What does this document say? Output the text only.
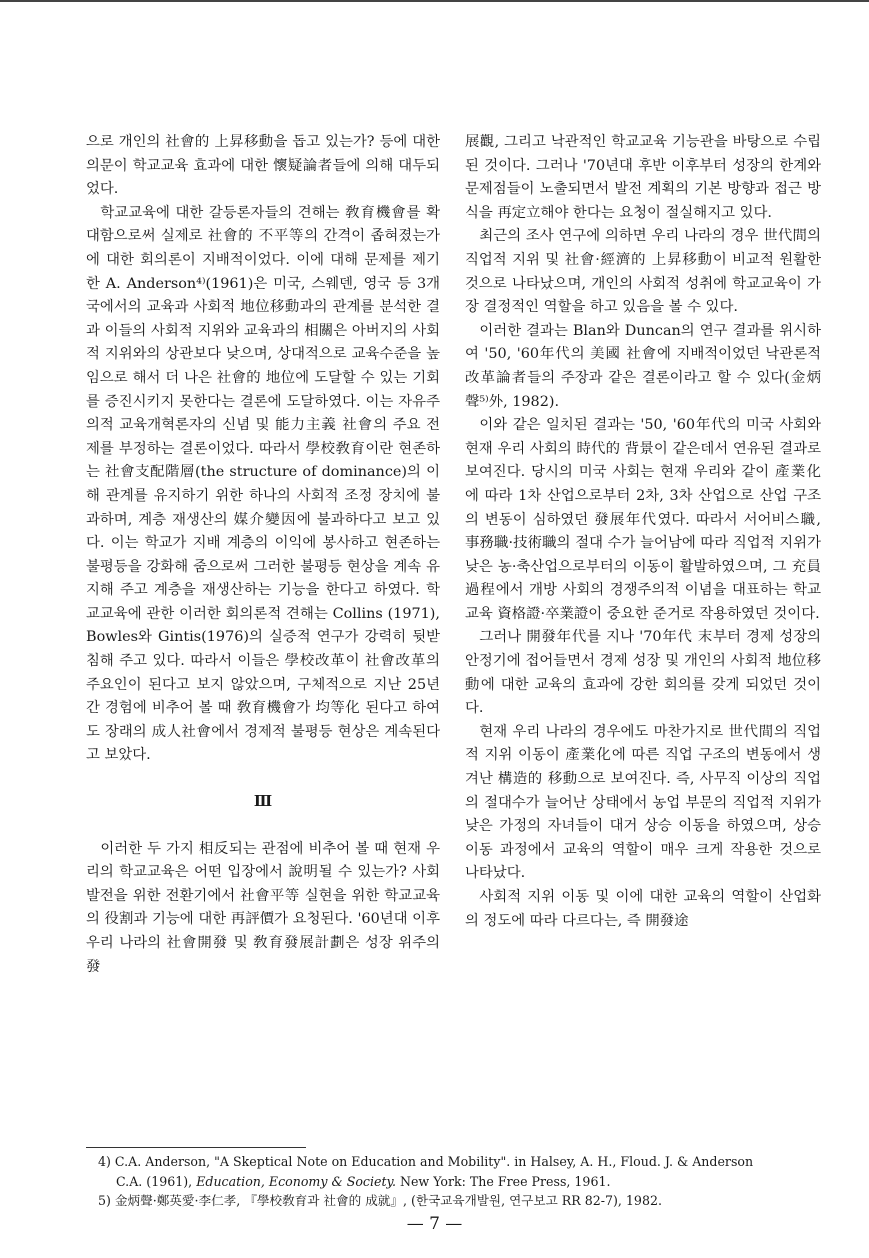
으로 개인의 社會的 上昇移動을 돕고 있는가? 등에 대한 의문이 학교교육 효과에 대한 懷疑論者들에 의해 대두되었다.

학교교육에 대한 갈등론자들의 견해는 敎育機會를 확대함으로써 실제로 社會的 不平等의 간격이 좁혀졌는가에 대한 회의론이 지배적이었다. 이에 대해 문제를 제기한 A. Anderson⁴⁾(1961)은 미국, 스웨덴, 영국 등 3개국에서의 교육과 사회적 地位移動과의 관계를 분석한 결과 이들의 사회적 지위와 교육과의 相關은 아버지의 사회적 지위와의 상관보다 낮으며, 상대적으로 교육수준을 높임으로 해서 더 나은 社會的 地位에 도달할 수 있는 기회를 증진시키지 못한다는 결론에 도달하였다. 이는 자유주의적 교육개혁론자의 신념 및 能力主義 社會의 주요 전제를 부정하는 결론이었다. 따라서 學校敎育이란 현존하는 社會支配階層(the structure of dominance)의 이해 관계를 유지하기 위한 하나의 사회적 조정 장치에 불과하며, 계층 재생산의 媒介變因에 불과하다고 보고 있다. 이는 학교가 지배 계층의 이익에 봉사하고 현존하는 불평등을 강화해 줌으로써 그러한 불평등 현상을 계속 유지해 주고 계층을 재생산하는 기능을 한다고 하였다. 학교교육에 관한 이러한 회의론적 견해는 Collins (1971), Bowles와 Gintis(1976)의 실증적 연구가 강력히 뒷받침해 주고 있다. 따라서 이들은 學校改革이 社會改革의 주요인이 된다고 보지 않았으며, 구체적으로 지난 25년간 경험에 비추어 볼 때 敎育機會가 均等化 된다고 하여도 장래의 成人社會에서 경제적 불평등 현상은 계속된다고 보았다.

Ⅲ

이러한 두 가지 相反되는 관점에 비추어 볼 때 현재 우리의 학교교육은 어떤 입장에서 說明될 수 있는가? 사회 발전을 위한 전환기에서 社會平等 실현을 위한 학교교육의 役割과 기능에 대한 再評價가 요청된다. '60년대 이후 우리 나라의 社會開發 및 敎育發展計劃은 성장 위주의 發

展觀, 그리고 낙관적인 학교교육 기능관을 바탕으로 수립된 것이다. 그러나 '70년대 후반 이후부터 성장의 한계와 문제점들이 노출되면서 발전 계획의 기본 방향과 접근 방식을 再定立해야 한다는 요청이 절실해지고 있다.

최근의 조사 연구에 의하면 우리 나라의 경우 世代間의 직업적 지위 및 社會·經濟的 上昇移動이 비교적 원활한 것으로 나타났으며, 개인의 사회적 성취에 학교교육이 가장 결정적인 역할을 하고 있음을 볼 수 있다.

이러한 결과는 Blan와 Duncan의 연구 결과를 위시하여 '50, '60年代의 美國 社會에 지배적이었던 낙관론적 改革論者들의 주장과 같은 결론이라고 할 수 있다(金炳聲⁵⁾外, 1982).

이와 같은 일치된 결과는 '50, '60年代의 미국 사회와 현재 우리 사회의 時代的 背景이 같은데서 연유된 결과로 보여진다. 당시의 미국 사회는 현재 우리와 같이 產業化에 따라 1차 산업으로부터 2차, 3차 산업으로 산업 구조의 변동이 심하였던 發展年代였다. 따라서 서어비스職, 事務職·技術職의 절대 수가 늘어남에 따라 직업적 지위가 낮은 농·축산업으로부터의 이동이 활발하였으며, 그 充員 過程에서 개방 사회의 경쟁주의적 이념을 대표하는 학교교육 資格證·卒業證이 중요한 준거로 작용하였던 것이다.

그러나 開發年代를 지나 '70年代 末부터 경제 성장의 안정기에 접어들면서 경제 성장 및 개인의 사회적 地位移動에 대한 교육의 효과에 강한 회의를 갖게 되었던 것이다.

현재 우리 나라의 경우에도 마찬가지로 世代間의 직업적 지위 이동이 產業化에 따른 직업 구조의 변동에서 생겨난 構造的 移動으로 보여진다. 즉, 사무직 이상의 직업의 절대수가 늘어난 상태에서 농업 부문의 직업적 지위가 낮은 가정의 자녀들이 대거 상승 이동을 하였으며, 상승 이동 과정에서 교육의 역할이 매우 크게 작용한 것으로 나타났다.

사회적 지위 이동 및 이에 대한 교육의 역할이 산업화의 정도에 따라 다르다는, 즉 開發途

4) C.A. Anderson, "A Skeptical Note on Education and Mobility". in Halsey, A. H., Floud. J. & Anderson

C.A. (1961), Education, Economy & Society. New York: The Free Press, 1961.

5) 金炳聲·鄭英愛·李仁孝, 『學校敎育과 社會的 成就』, (한국교육개발원, 연구보고 RR 82-7), 1982.

— 7 —
